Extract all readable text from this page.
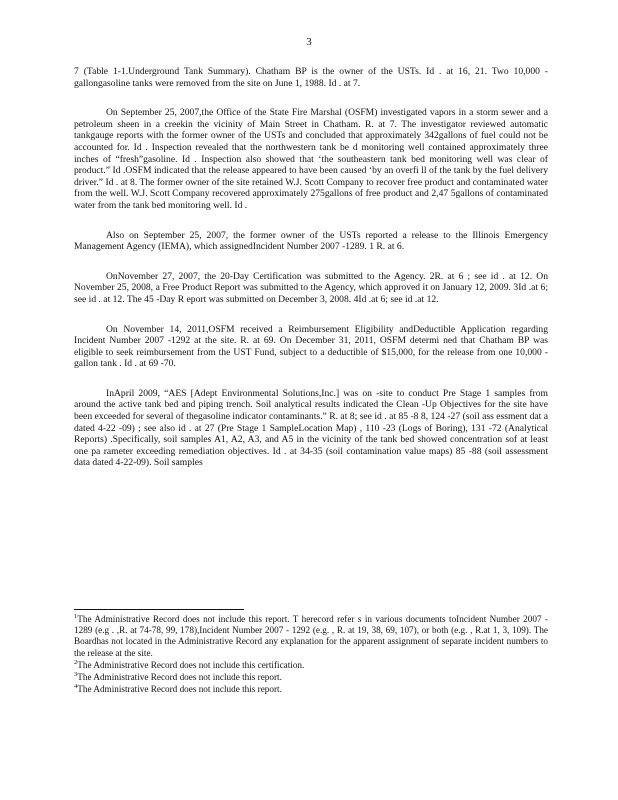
3

7 (Table 1-1.Underground Tank Summary). Chatham BP is the owner of the USTs. Id . at 16, 21. Two 10,000 - gallongasoline tanks were removed from the site on June 1, 1988. Id . at 7.

On September 25, 2007,the Office of the State Fire Marshal (OSFM) investigated vapors in a storm sewer and a petroleum sheen in a creekin the vicinity of Main Street in Chatham. R. at 7. The investigator reviewed automatic tankgauge reports with the former owner of the USTs and concluded that approximately 342gallons of fuel could not be accounted for. Id . Inspection revealed that the northwestern tank be d monitoring well contained approximately three inches of “fresh”gasoline. Id . Inspection also showed that ‘the southeastern tank bed monitoring well was clear of product.” Id .OSFM indicated that the release appeared to have been caused ‘by an overfi ll of the tank by the fuel delivery driver.” Id . at 8. The former owner of the site retained W.J. Scott Company to recover free product and contaminated water from the well. W.J. Scott Company recovered approximately 275gallons of free product and 2,47 5gallons of contaminated water from the tank bed monitoring well. Id .

Also on September 25, 2007, the former owner of the USTs reported a release to the Illinois Emergency Management Agency (IEMA), which assignedIncident Number 2007 -1289. 1 R. at 6.

OnNovember 27, 2007, the 20-Day Certification was submitted to the Agency. 2R. at 6 ; see id . at 12. On November 25, 2008, a Free Product Report was submitted to the Agency, which approved it on January 12, 2009. 3Id .at 6; see id . at 12. The 45 -Day R eport was submitted on December 3, 2008. 4Id .at 6; see id .at 12.

On November 14, 2011,OSFM received a Reimbursement Eligibility andDeductible Application regarding Incident Number 2007 -1292 at the site. R. at 69. On December 31, 2011, OSFM determi ned that Chatham BP was eligible to seek reimbursement from the UST Fund, subject to a deductible of $15,000, for the release from one 10,000 -gallon tank . Id . at 69 -70.

InApril 2009, “AES [Adept Environmental Solutions,Inc.] was on -site to conduct Pre Stage 1 samples from around the active tank bed and piping trench. Soil analytical results indicated the Clean -Up Objectives for the site have been exceeded for several of thegasoline indicator contaminants.” R. at 8; see id . at 85 -8 8, 124 -27 (soil ass essment dat a dated 4-22 -09) ; see also id . at 27 (Pre Stage 1 SampleLocation Map) , 110 -23 (Logs of Boring), 131 -72 (Analytical Reports) .Specifically, soil samples A1, A2, A3, and A5 in the vicinity of the tank bed showed concentration sof at least one pa rameter exceeding remediation objectives. Id . at 34-35 (soil contamination value maps) 85 -88 (soil assessment data dated 4-22-09). Soil samples

$^1$The Administrative Record does not include this report. T herecord refer s in various documents toIncident Number 2007 - 1289 (e.g . ,R. at 74-78, 99, 178),Incident Number 2007 - 1292 (e.g. , R. at 19, 38, 69, 107), or both (e.g. , R.at 1, 3, 109). The Boardhas not located in the Administrative Record any explanation for the apparent assignment of separate incident numbers to the release at the site.

$^2$The Administrative Record does not include this certification.

$^3$The Administrative Record does not include this report.

$^4$The Administrative Record does not include this report.
